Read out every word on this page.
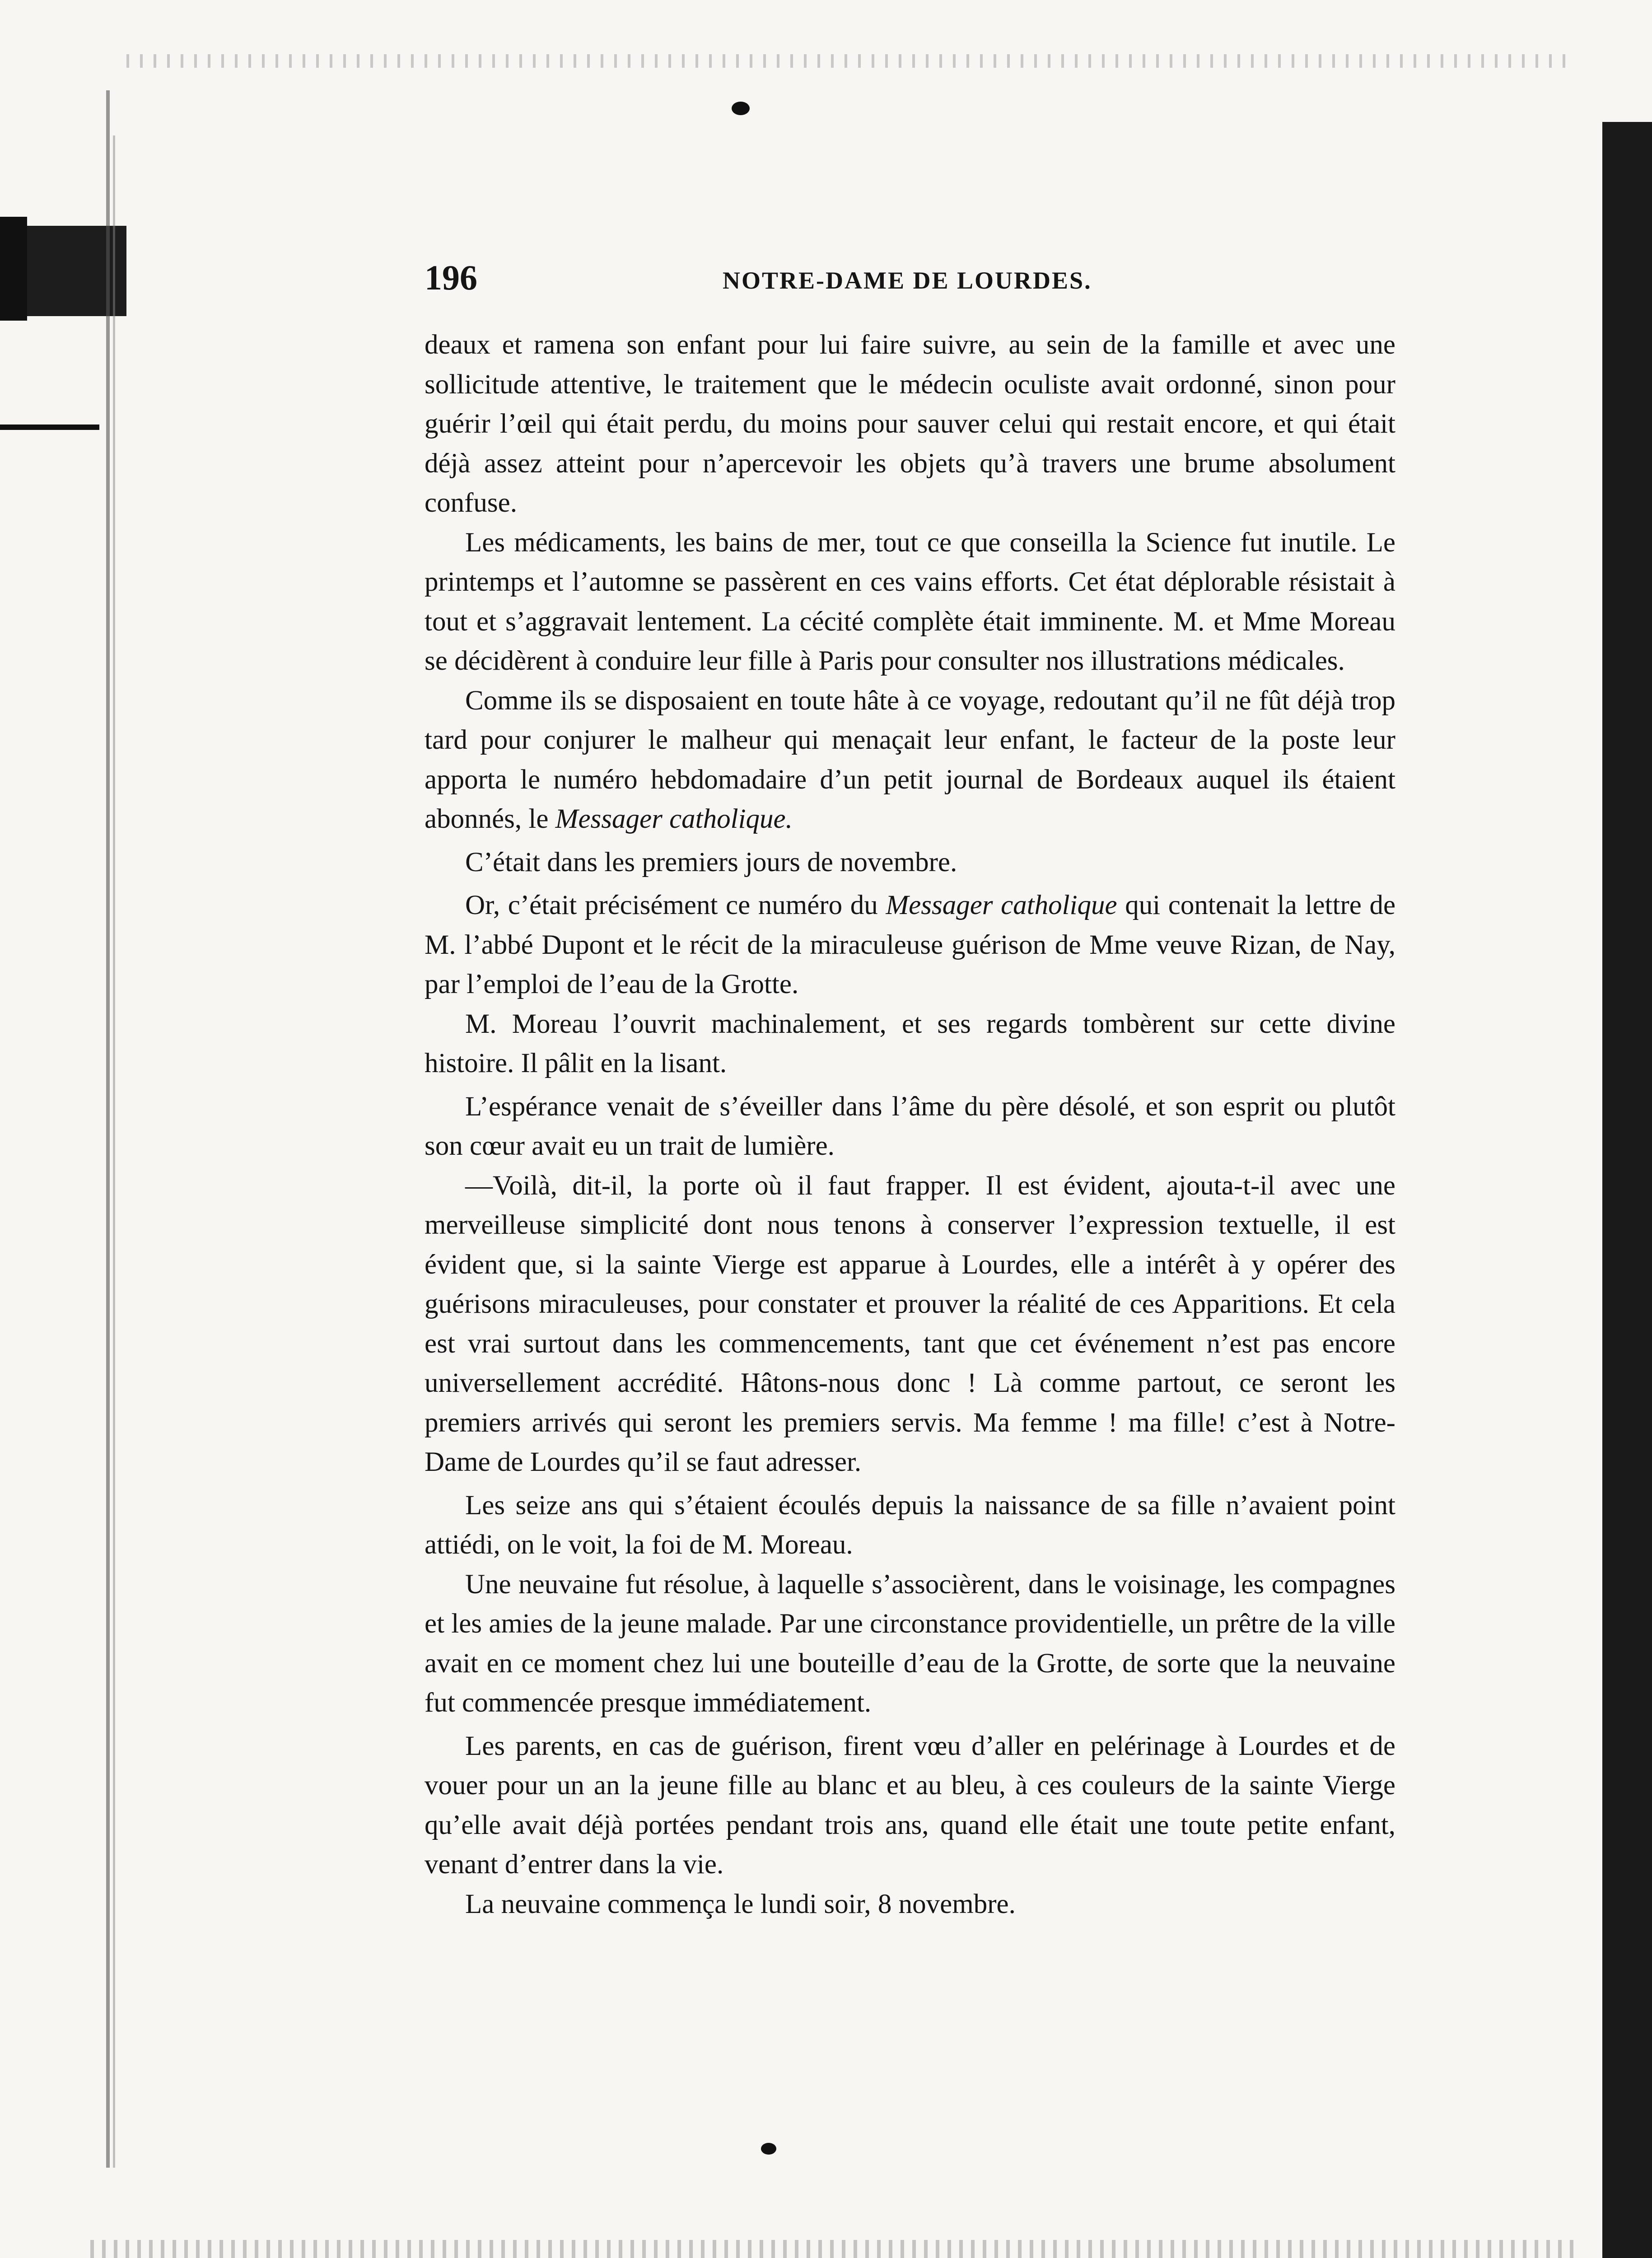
196	NOTRE-DAME DE LOURDES.

deaux et ramena son enfant pour lui faire suivre, au sein de la famille et avec une sollicitude attentive, le traitement que le médecin oculiste avait ordonné, sinon pour guérir l’œil qui était perdu, du moins pour sauver celui qui restait encore, et qui était déjà assez atteint pour n’apercevoir les objets qu’à travers une brume absolument confuse.

Les médicaments, les bains de mer, tout ce que conseilla la Science fut inutile. Le printemps et l’automne se passèrent en ces vains efforts. Cet état déplorable résistait à tout et s’aggravait lentement. La cécité complète était imminente. M. et Mme Moreau se décidèrent à conduire leur fille à Paris pour consulter nos illustrations médicales.

Comme ils se disposaient en toute hâte à ce voyage, redoutant qu’il ne fût déjà trop tard pour conjurer le malheur qui menaçait leur enfant, le facteur de la poste leur apporta le numéro hebdomadaire d’un petit journal de Bordeaux auquel ils étaient abonnés, le Messager catholique.

C’était dans les premiers jours de novembre.

Or, c’était précisément ce numéro du Messager catholique qui contenait la lettre de M. l’abbé Dupont et le récit de la miraculeuse guérison de Mme veuve Rizan, de Nay, par l’emploi de l’eau de la Grotte.

M. Moreau l’ouvrit machinalement, et ses regards tombèrent sur cette divine histoire. Il pâlit en la lisant.

L’espérance venait de s’éveiller dans l’âme du père désolé, et son esprit ou plutôt son cœur avait eu un trait de lumière.

—Voilà, dit-il, la porte où il faut frapper. Il est évident, ajouta-t-il avec une merveilleuse simplicité dont nous tenons à conserver l’expression textuelle, il est évident que, si la sainte Vierge est apparue à Lourdes, elle a intérêt à y opérer des guérisons miraculeuses, pour constater et prouver la réalité de ces Apparitions. Et cela est vrai surtout dans les commencements, tant que cet événement n’est pas encore universellement accrédité. Hâtons-nous donc ! Là comme partout, ce seront les premiers arrivés qui seront les premiers servis. Ma femme ! ma fille! c’est à Notre-Dame de Lourdes qu’il se faut adresser.

Les seize ans qui s’étaient écoulés depuis la naissance de sa fille n’avaient point attiédi, on le voit, la foi de M. Moreau.

Une neuvaine fut résolue, à laquelle s’associèrent, dans le voisinage, les compagnes et les amies de la jeune malade. Par une circonstance providentielle, un prêtre de la ville avait en ce moment chez lui une bouteille d’eau de la Grotte, de sorte que la neuvaine fut commencée presque immédiatement.

Les parents, en cas de guérison, firent vœu d’aller en pelérinage à Lourdes et de vouer pour un an la jeune fille au blanc et au bleu, à ces couleurs de la sainte Vierge qu’elle avait déjà portées pendant trois ans, quand elle était une toute petite enfant, venant d’entrer dans la vie.

La neuvaine commença le lundi soir, 8 novembre.
